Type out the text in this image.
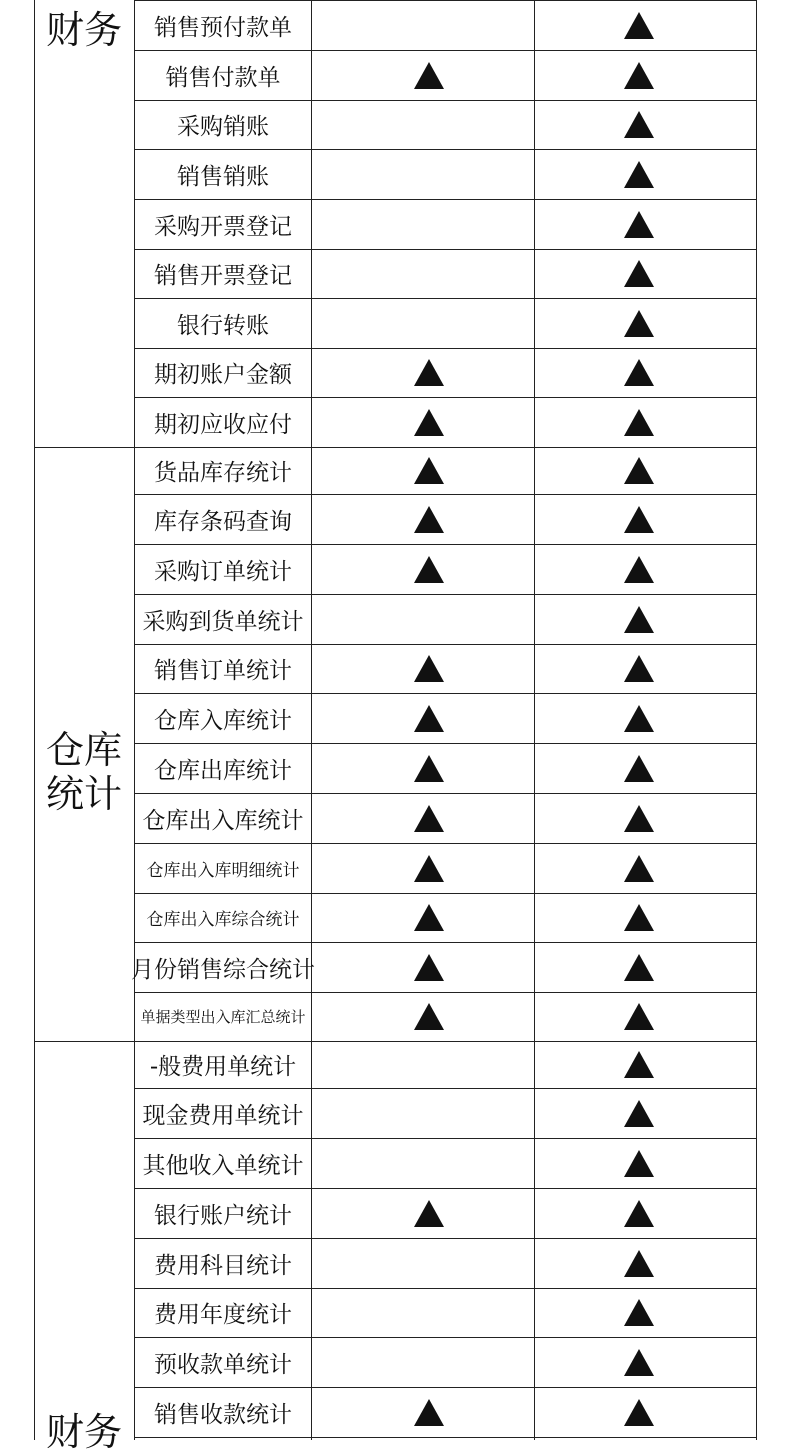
财务
仓库
统计
财务
销售预付款单
销售付款单
采购销账
销售销账
采购开票登记
销售开票登记
银行转账
期初账户金额
期初应收应付
货品库存统计
库存条码查询
采购订单统计
采购到货单统计
销售订单统计
仓库入库统计
仓库出库统计
仓库出入库统计
仓库出入库明细统计
仓库出入库综合统计
月份销售综合统计
单据类型出入库汇总统计
-般费用单统计
现金费用单统计
其他收入单统计
银行账户统计
费用科目统计
费用年度统计
预收款单统计
销售收款统计
